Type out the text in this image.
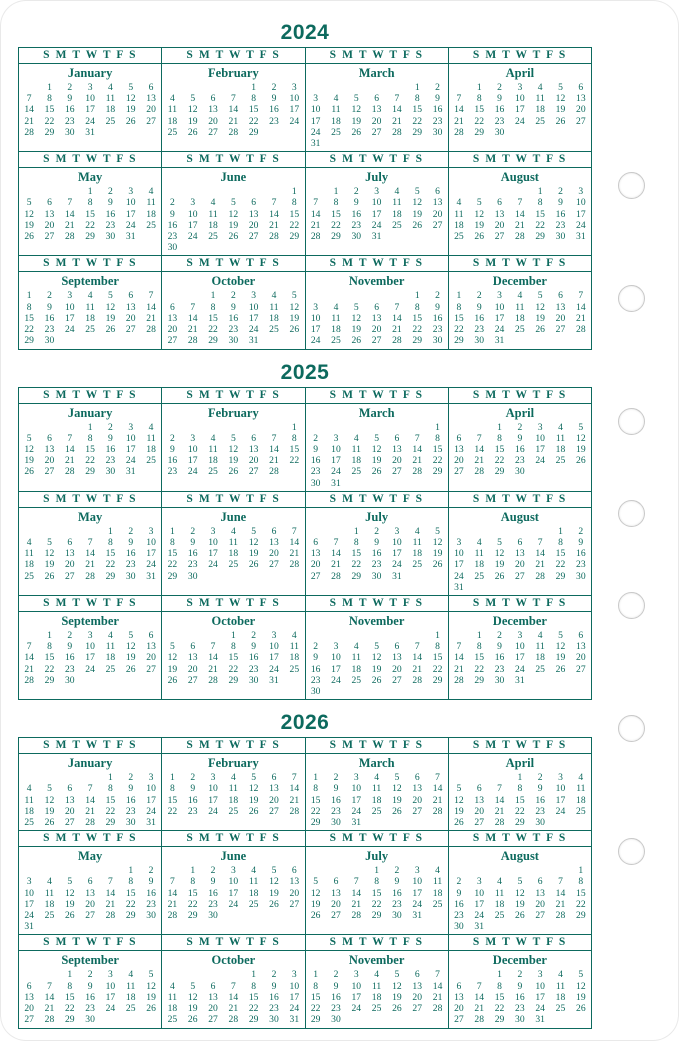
2024
S M T W T F S	S M T W T F S	S M T W T F S	S M T W T F S

January
	1	2	3	4	5	6
7	8	9	10	11	12	13
14	15	16	17	18	19	20
21	22	23	24	25	26	27
28	29	30	31			

February
				1	2	3
4	5	6	7	8	9	10
11	12	13	14	15	16	17
18	19	20	21	22	23	24
25	26	27	28	29		

March
					1	2
3	4	5	6	7	8	9
10	11	12	13	14	15	16
17	18	19	20	21	22	23
24	25	26	27	28	29	30
31						

April
	1	2	3	4	5	6
7	8	9	10	11	12	13
14	15	16	17	18	19	20
21	22	23	24	25	26	27
28	29	30				

S M T W T F S	S M T W T F S	S M T W T F S	S M T W T F S

May
			1	2	3	4
5	6	7	8	9	10	11
12	13	14	15	16	17	18
19	20	21	22	23	24	25
26	27	28	29	30	31	

June
						1
2	3	4	5	6	7	8
9	10	11	12	13	14	15
16	17	18	19	20	21	22
23	24	25	26	27	28	29
30						

July
	1	2	3	4	5	6
7	8	9	10	11	12	13
14	15	16	17	18	19	20
21	22	23	24	25	26	27
28	29	30	31			

August
				1	2	3
4	5	6	7	8	9	10
11	12	13	14	15	16	17
18	19	20	21	22	23	24
25	26	27	28	29	30	31

S M T W T F S	S M T W T F S	S M T W T F S	S M T W T F S

September
1	2	3	4	5	6	7
8	9	10	11	12	13	14
15	16	17	18	19	20	21
22	23	24	25	26	27	28
29	30					

October
		1	2	3	4	5
6	7	8	9	10	11	12
13	14	15	16	17	18	19
20	21	22	23	24	25	26
27	28	29	30	31		

November
					1	2
3	4	5	6	7	8	9
10	11	12	13	14	15	16
17	18	19	20	21	22	23
24	25	26	27	28	29	30

December
1	2	3	4	5	6	7
8	9	10	11	12	13	14
15	16	17	18	19	20	21
22	23	24	25	26	27	28
29	30	31				
2025
S M T W T F S	S M T W T F S	S M T W T F S	S M T W T F S

January
			1	2	3	4
5	6	7	8	9	10	11
12	13	14	15	16	17	18
19	20	21	22	23	24	25
26	27	28	29	30	31	

February
						1
2	3	4	5	6	7	8
9	10	11	12	13	14	15
16	17	18	19	20	21	22
23	24	25	26	27	28	

March
						1
2	3	4	5	6	7	8
9	10	11	12	13	14	15
16	17	18	19	20	21	22
23	24	25	26	27	28	29
30	31					

April
		1	2	3	4	5
6	7	8	9	10	11	12
13	14	15	16	17	18	19
20	21	22	23	24	25	26
27	28	29	30			

S M T W T F S	S M T W T F S	S M T W T F S	S M T W T F S

May
				1	2	3
4	5	6	7	8	9	10
11	12	13	14	15	16	17
18	19	20	21	22	23	24
25	26	27	28	29	30	31

June
1	2	3	4	5	6	7
8	9	10	11	12	13	14
15	16	17	18	19	20	21
22	23	24	25	26	27	28
29	30					

July
		1	2	3	4	5
6	7	8	9	10	11	12
13	14	15	16	17	18	19
20	21	22	23	24	25	26
27	28	29	30	31		

August
					1	2
3	4	5	6	7	8	9
10	11	12	13	14	15	16
17	18	19	20	21	22	23
24	25	26	27	28	29	30
31						

S M T W T F S	S M T W T F S	S M T W T F S	S M T W T F S

September
	1	2	3	4	5	6
7	8	9	10	11	12	13
14	15	16	17	18	19	20
21	22	23	24	25	26	27
28	29	30				

October
			1	2	3	4
5	6	7	8	9	10	11
12	13	14	15	16	17	18
19	20	21	22	23	24	25
26	27	28	29	30	31	

November
						1
2	3	4	5	6	7	8
9	10	11	12	13	14	15
16	17	18	19	20	21	22
23	24	25	26	27	28	29
30						

December
	1	2	3	4	5	6
7	8	9	10	11	12	13
14	15	16	17	18	19	20
21	22	23	24	25	26	27
28	29	30	31			
2026
S M T W T F S	S M T W T F S	S M T W T F S	S M T W T F S

January
				1	2	3
4	5	6	7	8	9	10
11	12	13	14	15	16	17
18	19	20	21	22	23	24
25	26	27	28	29	30	31

February
1	2	3	4	5	6	7
8	9	10	11	12	13	14
15	16	17	18	19	20	21
22	23	24	25	26	27	28

March
1	2	3	4	5	6	7
8	9	10	11	12	13	14
15	16	17	18	19	20	21
22	23	24	25	26	27	28
29	30	31				

April
			1	2	3	4
5	6	7	8	9	10	11
12	13	14	15	16	17	18
19	20	21	22	23	24	25
26	27	28	29	30		

S M T W T F S	S M T W T F S	S M T W T F S	S M T W T F S

May
					1	2
3	4	5	6	7	8	9
10	11	12	13	14	15	16
17	18	19	20	21	22	23
24	25	26	27	28	29	30
31						

June
	1	2	3	4	5	6
7	8	9	10	11	12	13
14	15	16	17	18	19	20
21	22	23	24	25	26	27
28	29	30				

July
			1	2	3	4
5	6	7	8	9	10	11
12	13	14	15	16	17	18
19	20	21	22	23	24	25
26	27	28	29	30	31	

August
						1
2	3	4	5	6	7	8
9	10	11	12	13	14	15
16	17	18	19	20	21	22
23	24	25	26	27	28	29
30	31					

S M T W T F S	S M T W T F S	S M T W T F S	S M T W T F S

September
		1	2	3	4	5
6	7	8	9	10	11	12
13	14	15	16	17	18	19
20	21	22	23	24	25	26
27	28	29	30			

October
				1	2	3
4	5	6	7	8	9	10
11	12	13	14	15	16	17
18	19	20	21	22	23	24
25	26	27	28	29	30	31

November
1	2	3	4	5	6	7
8	9	10	11	12	13	14
15	16	17	18	19	20	21
22	23	24	25	26	27	28
29	30					

December
		1	2	3	4	5
6	7	8	9	10	11	12
13	14	15	16	17	18	19
20	21	22	23	24	25	26
27	28	29	30	31		
